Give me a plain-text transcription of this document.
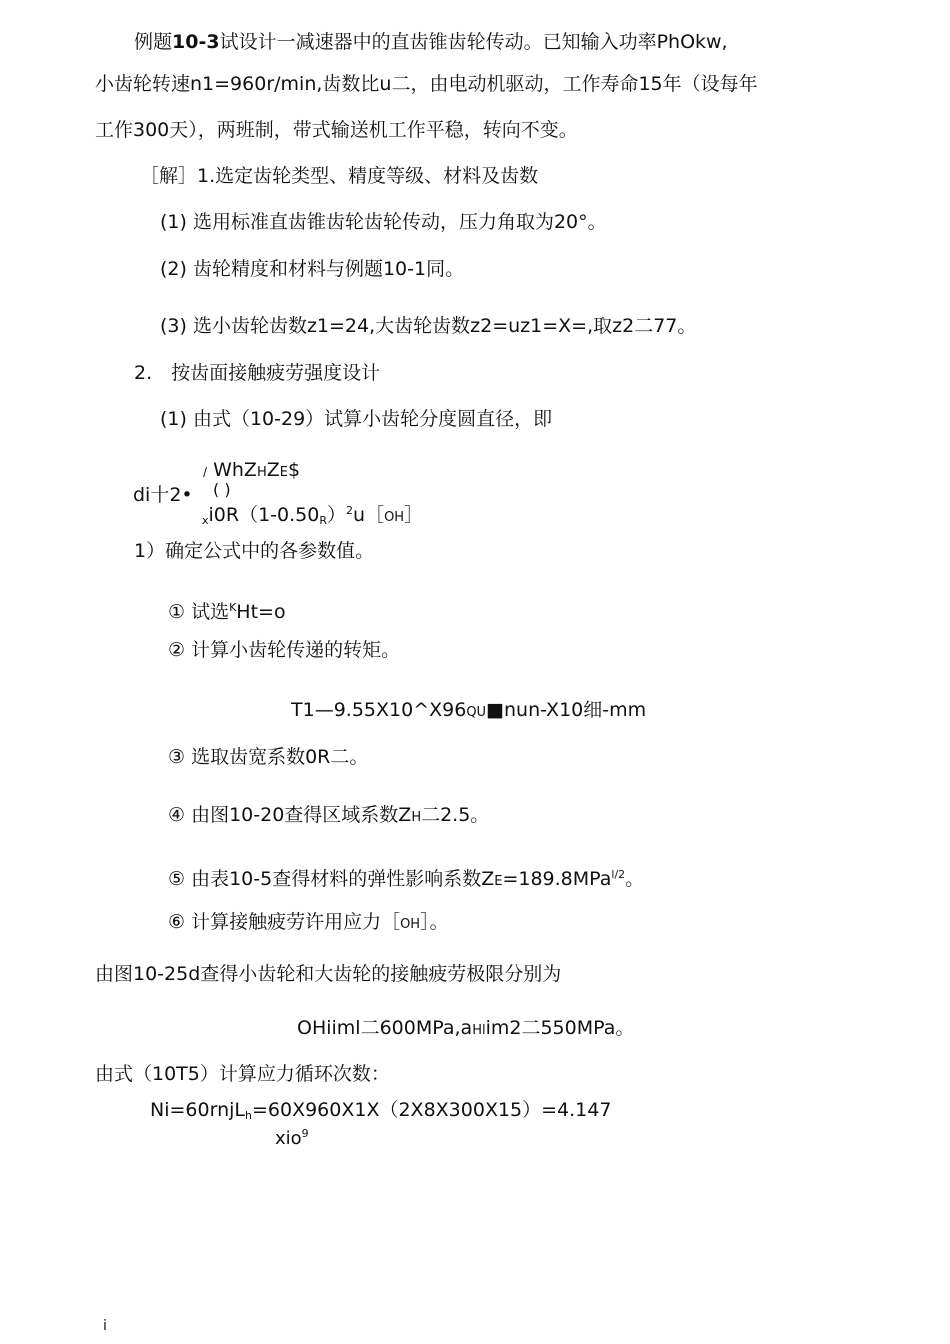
例题10-3试设计一减速器中的直齿锥齿轮传动。已知输入功率PhOkw,
小齿轮转速n1=960r/min,齿数比u二，由电动机驱动，工作寿命15年（设每年
工作300天），两班制，带式输送机工作平稳，转向不变。
［解］1.选定齿轮类型、精度等级、材料及齿数
(1) 选用标准直齿锥齿轮齿轮传动，压力角取为20°。
(2) 齿轮精度和材料与例题10-1同。
(3) 选小齿轮齿数z1=24,大齿轮齿数z2=uz1=X=,取z2二77。
2.　按齿面接触疲劳强度设计
(1) 由式（10-29）试算小齿轮分度圆直径，即
/ WhZHZE$
di十2• ( )
$_xi0R(1-0.50_R)^2u[OH]$
1）确定公式中的各参数值。
① 试选$^K$Ht=o
② 计算小齿轮传递的转矩。
T1—9.55X10^X96QU■nun-X10细-mm
③ 选取齿宽系数0R二。
④ 由图10-20查得区域系数ZH二2.5。
⑤ 由表10-5查得材料的弹性影响系数ZE=189.8MPa$^{l/2}$。
⑥ 计算接触疲劳许用应力［OH］。
由图10-25d查得小齿轮和大齿轮的接触疲劳极限分别为
OHiiml二600MPa,aHlim2二550MPa。
由式（10T5）计算应力循环次数：
Ni=60rnjL$_h$=60X960X1X（2X8X300X15）=4.147
xio$^9$
i
